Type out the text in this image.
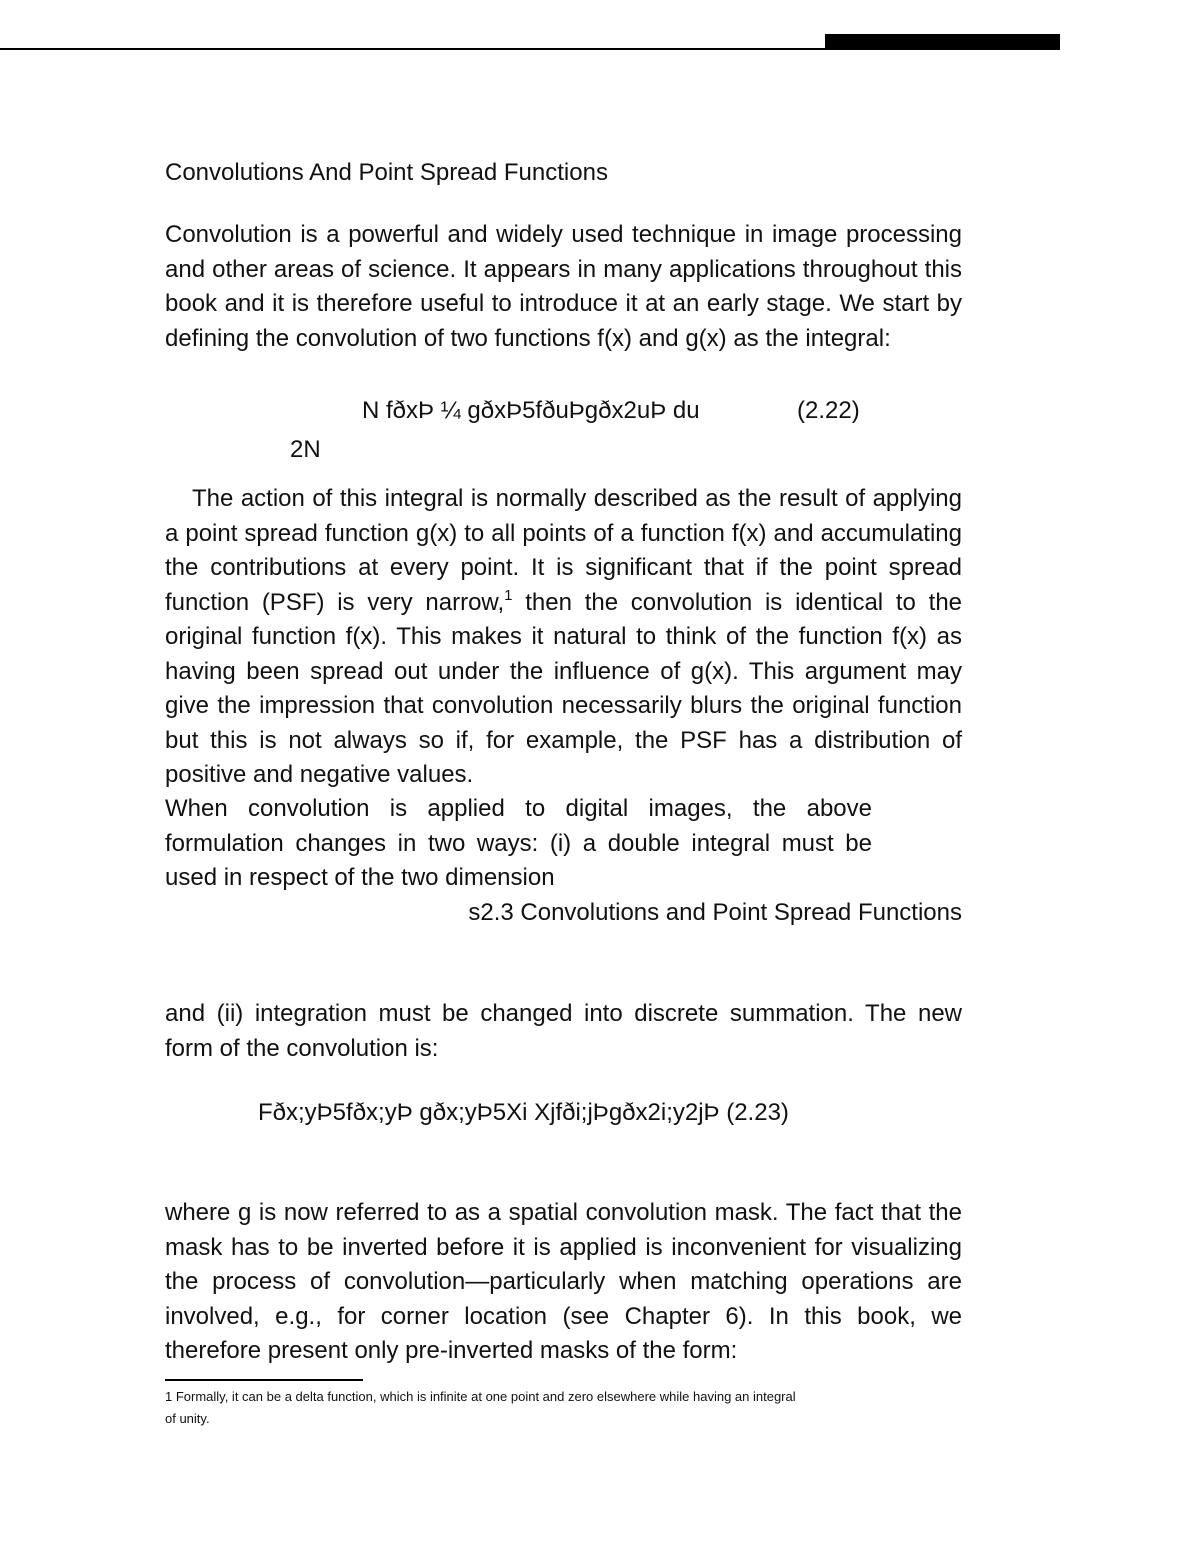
Convolutions And Point Spread Functions

Convolution is a powerful and widely used technique in image processing and other areas of science. It appears in many applications throughout this book and it is therefore useful to introduce it at an early stage. We start by defining the convolution of two functions f(x) and g(x) as the integral:

N fðxÞ ¼ gðxÞ5fðuÞgðx2uÞ du	(2.22)
2N

The action of this integral is normally described as the result of applying a point spread function g(x) to all points of a function f(x) and accumulating the contributions at every point. It is significant that if the point spread function (PSF) is very narrow,$^1$ then the convolution is identical to the original function f(x). This makes it natural to think of the function f(x) as having been spread out under the influence of g(x). This argument may give the impression that convolution necessarily blurs the original function but this is not always so if, for example, the PSF has a distribution of positive and negative values.

When convolution is applied to digital images, the above
formulation changes in two ways: (i) a double integral must be
used in respect of the two dimension
s2.3 Convolutions and Point Spread Functions

and (ii) integration must be changed into discrete summation. The new form of the convolution is:

Fðx;yÞ5fðx;yÞ gðx;yÞ5Xi Xjfði;jÞgðx2i;y2jÞ (2.23)

where g is now referred to as a spatial convolution mask. The fact that the mask has to be inverted before it is applied is inconvenient for visualizing the process of convolution—particularly when matching operations are involved, e.g., for corner location (see Chapter 6). In this book, we therefore present only pre-inverted masks of the form:

1 Formally, it can be a delta function, which is infinite at one point and zero elsewhere while having an integral
of unity.
